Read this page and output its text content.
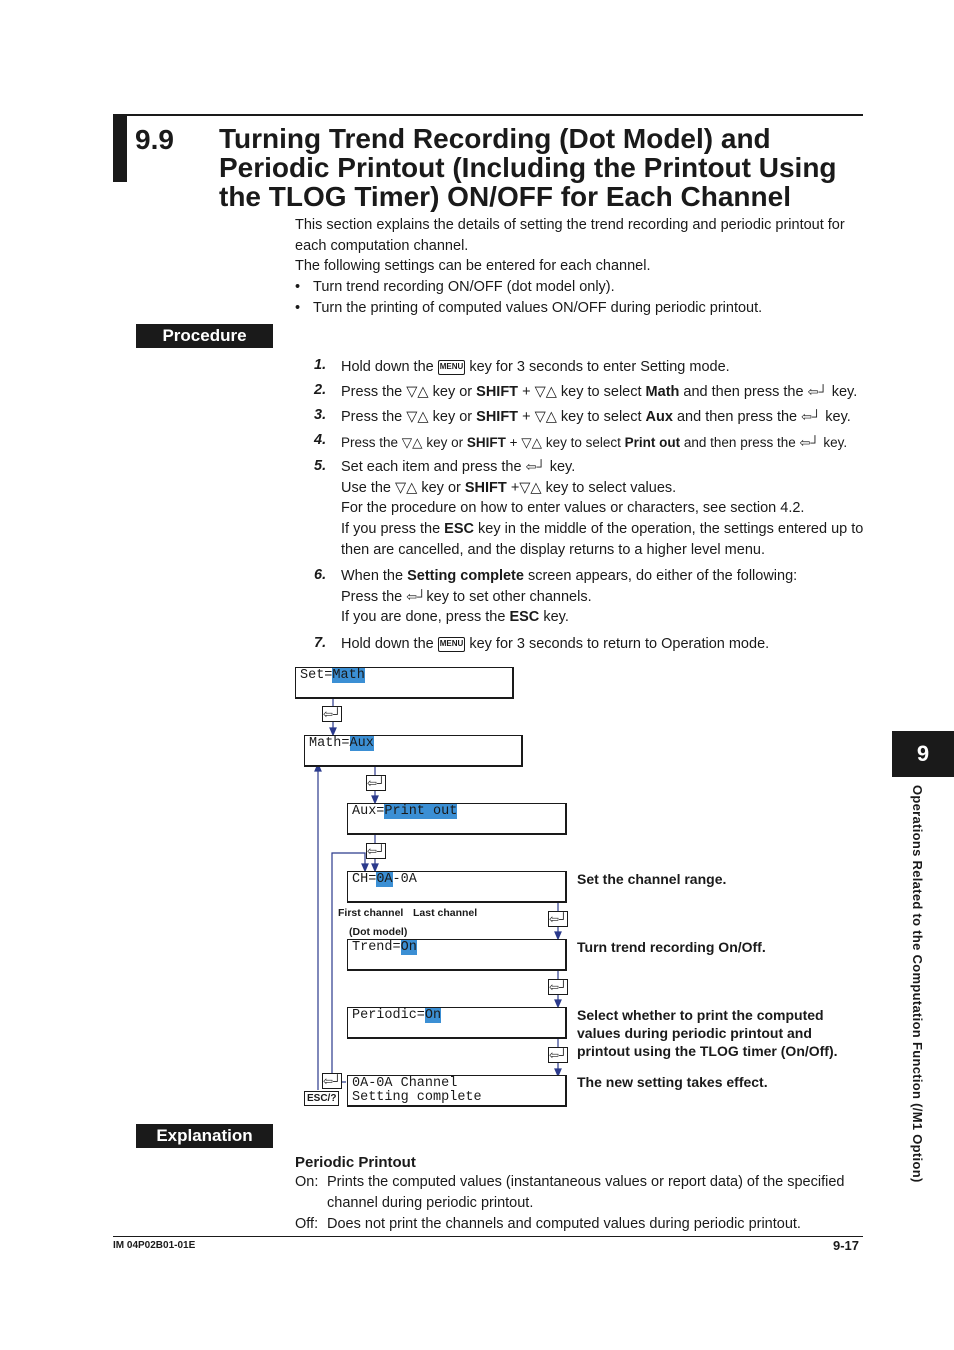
9.9 Turning Trend Recording (Dot Model) and Periodic Printout (Including the Printout Using the TLOG Timer) ON/OFF for Each Channel
This section explains the details of setting the trend recording and periodic printout for
each computation channel.
The following settings can be entered for each channel.
• Turn trend recording ON/OFF (dot model only).
• Turn the printing of computed values ON/OFF during periodic printout.
Procedure
1. Hold down the MENU key for 3 seconds to enter Setting mode.
2. Press the ▽△ key or SHIFT + ▽△ key to select Math and then press the ⇦┘ key.
3. Press the ▽△ key or SHIFT + ▽△ key to select Aux and then press the ⇦┘ key.
4. Press the ▽△ key or SHIFT + ▽△ key to select Print out and then press the ⇦┘ key.
5. Set each item and press the ⇦┘ key.
Use the ▽△ key or SHIFT +▽△ key to select values.
For the procedure on how to enter values or characters, see section 4.2.
If you press the ESC key in the middle of the operation, the settings entered up to
then are cancelled, and the display returns to a higher level menu.
6. When the Setting complete screen appears, do either of the following:
Press the ⇦┘key to set other channels.
If you are done, press the ESC key.
7. Hold down the MENU key for 3 seconds to return to Operation mode.
Set=Math
⇦┘
Math=Aux
⇦┘
Aux=Print out
⇦┘
CH=0A-0A
First channel Last channel
Set the channel range.
⇦┘
(Dot model)
Trend=On	Turn trend recording On/Off.
⇦┘
Periodic=On	Select whether to print the computed
values during periodic printout and
printout using the TLOG timer (On/Off).
⇦┘
⇦┘
ESC/?
0A-0A Channel
Setting complete
The new setting takes effect.
Explanation
Periodic Printout
On: Prints the computed values (instantaneous values or report data) of the specified
channel during periodic printout.
Off: Does not print the channels and computed values during periodic printout.
9
Operations Related to the Computation Function (/M1 Option)
IM 04P02B01-01E	9-17
